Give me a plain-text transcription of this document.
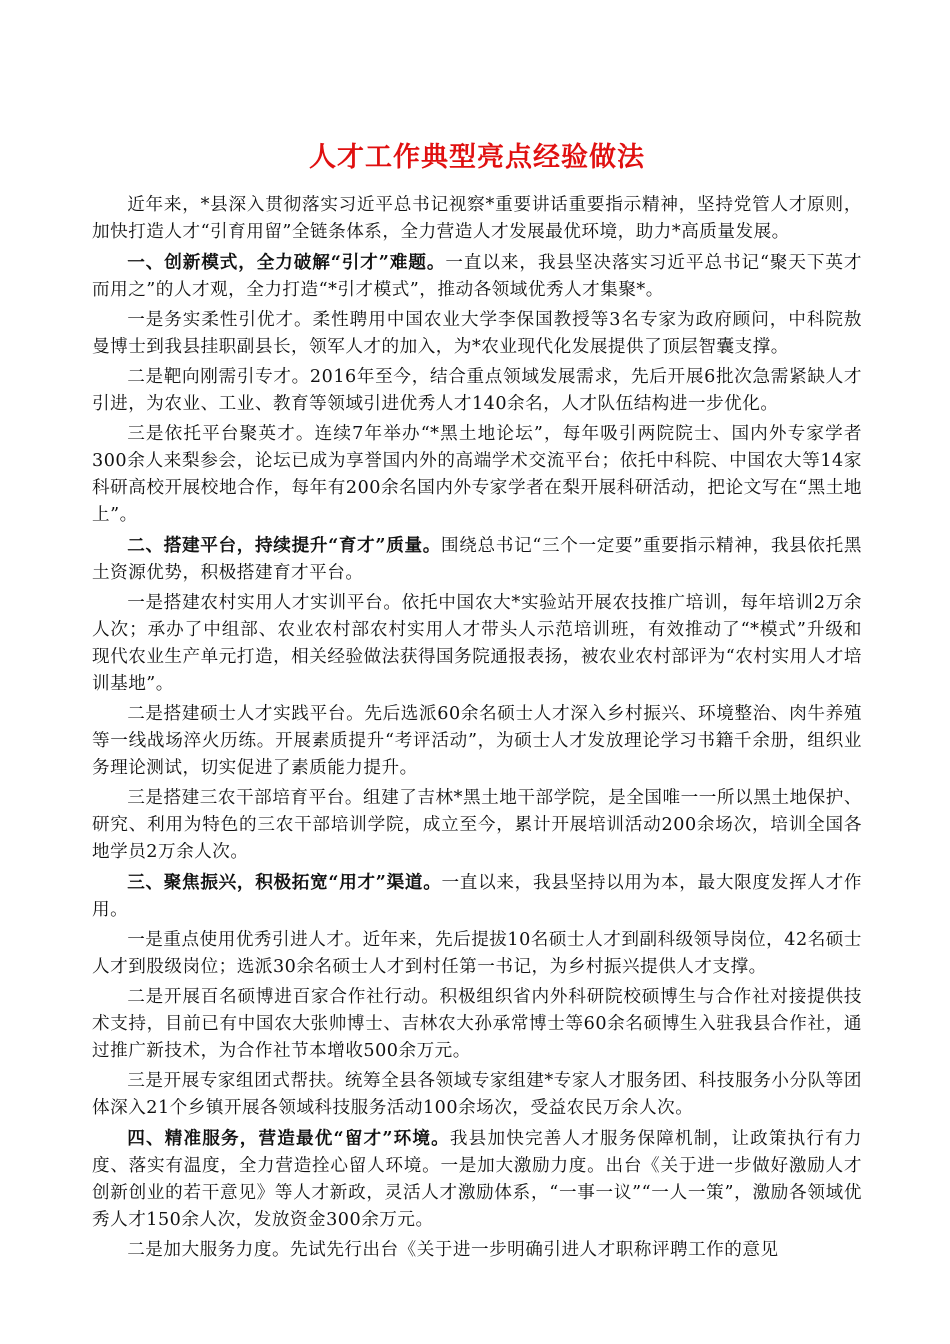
人才工作典型亮点经验做法

近年来，*县深入贯彻落实习近平总书记视察*重要讲话重要指示精神，坚持党管人才原则，加快打造人才“引育用留”全链条体系，全力营造人才发展最优环境，助力*高质量发展。

一、创新模式，全力破解“引才”难题。一直以来，我县坚决落实习近平总书记“聚天下英才而用之”的人才观，全力打造“*引才模式”，推动各领域优秀人才集聚*。

一是务实柔性引优才。柔性聘用中国农业大学李保国教授等3名专家为政府顾问，中科院敖曼博士到我县挂职副县长，领军人才的加入，为*农业现代化发展提供了顶层智囊支撑。

二是靶向刚需引专才。2016年至今，结合重点领域发展需求，先后开展6批次急需紧缺人才引进，为农业、工业、教育等领域引进优秀人才140余名，人才队伍结构进一步优化。

三是依托平台聚英才。连续7年举办“*黑土地论坛”，每年吸引两院院士、国内外专家学者300余人来梨参会，论坛已成为享誉国内外的高端学术交流平台；依托中科院、中国农大等14家科研高校开展校地合作，每年有200余名国内外专家学者在梨开展科研活动，把论文写在“黑土地上”。

二、搭建平台，持续提升“育才”质量。围绕总书记“三个一定要”重要指示精神，我县依托黑土资源优势，积极搭建育才平台。

一是搭建农村实用人才实训平台。依托中国农大*实验站开展农技推广培训，每年培训2万余人次；承办了中组部、农业农村部农村实用人才带头人示范培训班，有效推动了“*模式”升级和现代农业生产单元打造，相关经验做法获得国务院通报表扬，被农业农村部评为“农村实用人才培训基地”。

二是搭建硕士人才实践平台。先后选派60余名硕士人才深入乡村振兴、环境整治、肉牛养殖等一线战场淬火历练。开展素质提升“考评活动”，为硕士人才发放理论学习书籍千余册，组织业务理论测试，切实促进了素质能力提升。

三是搭建三农干部培育平台。组建了吉林*黑土地干部学院，是全国唯一一所以黑土地保护、研究、利用为特色的三农干部培训学院，成立至今，累计开展培训活动200余场次，培训全国各地学员2万余人次。

三、聚焦振兴，积极拓宽“用才”渠道。一直以来，我县坚持以用为本，最大限度发挥人才作用。

一是重点使用优秀引进人才。近年来，先后提拔10名硕士人才到副科级领导岗位，42名硕士人才到股级岗位；选派30余名硕士人才到村任第一书记，为乡村振兴提供人才支撑。

二是开展百名硕博进百家合作社行动。积极组织省内外科研院校硕博生与合作社对接提供技术支持，目前已有中国农大张帅博士、吉林农大孙承常博士等60余名硕博生入驻我县合作社，通过推广新技术，为合作社节本增收500余万元。

三是开展专家组团式帮扶。统筹全县各领域专家组建*专家人才服务团、科技服务小分队等团体深入21个乡镇开展各领域科技服务活动100余场次，受益农民万余人次。

四、精准服务，营造最优“留才”环境。我县加快完善人才服务保障机制，让政策执行有力度、落实有温度，全力营造拴心留人环境。一是加大激励力度。出台《关于进一步做好激励人才创新创业的若干意见》等人才新政，灵活人才激励体系，“一事一议”“一人一策”，激励各领域优秀人才150余人次，发放资金300余万元。

二是加大服务力度。先试先行出台《关于进一步明确引进人才职称评聘工作的意见
